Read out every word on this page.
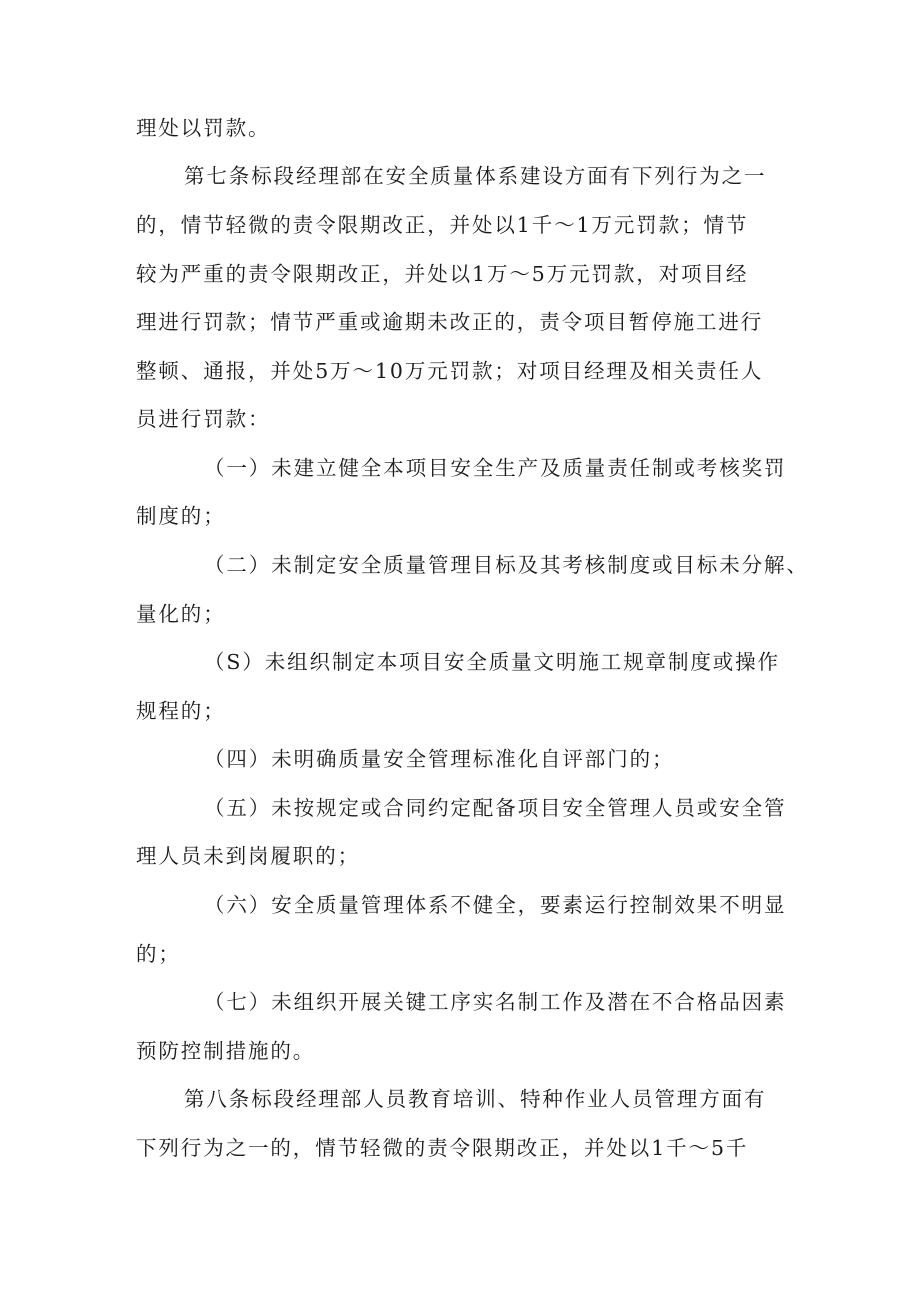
理处以罚款。
第七条标段经理部在安全质量体系建设方面有下列行为之一
的，情节轻微的责令限期改正，并处以1千～1万元罚款；情节
较为严重的责令限期改正，并处以1万～5万元罚款，对项目经
理进行罚款；情节严重或逾期未改正的，责令项目暂停施工进行
整顿、通报，并处5万～10万元罚款；对项目经理及相关责任人
员进行罚款：
（一）未建立健全本项目安全生产及质量责任制或考核奖罚
制度的；
（二）未制定安全质量管理目标及其考核制度或目标未分解、
量化的；
（S）未组织制定本项目安全质量文明施工规章制度或操作
规程的；
（四）未明确质量安全管理标准化自评部门的；
（五）未按规定或合同约定配备项目安全管理人员或安全管
理人员未到岗履职的；
（六）安全质量管理体系不健全，要素运行控制效果不明显
的；
（七）未组织开展关键工序实名制工作及潜在不合格品因素
预防控制措施的。
第八条标段经理部人员教育培训、特种作业人员管理方面有
下列行为之一的，情节轻微的责令限期改正，并处以1千～5千
